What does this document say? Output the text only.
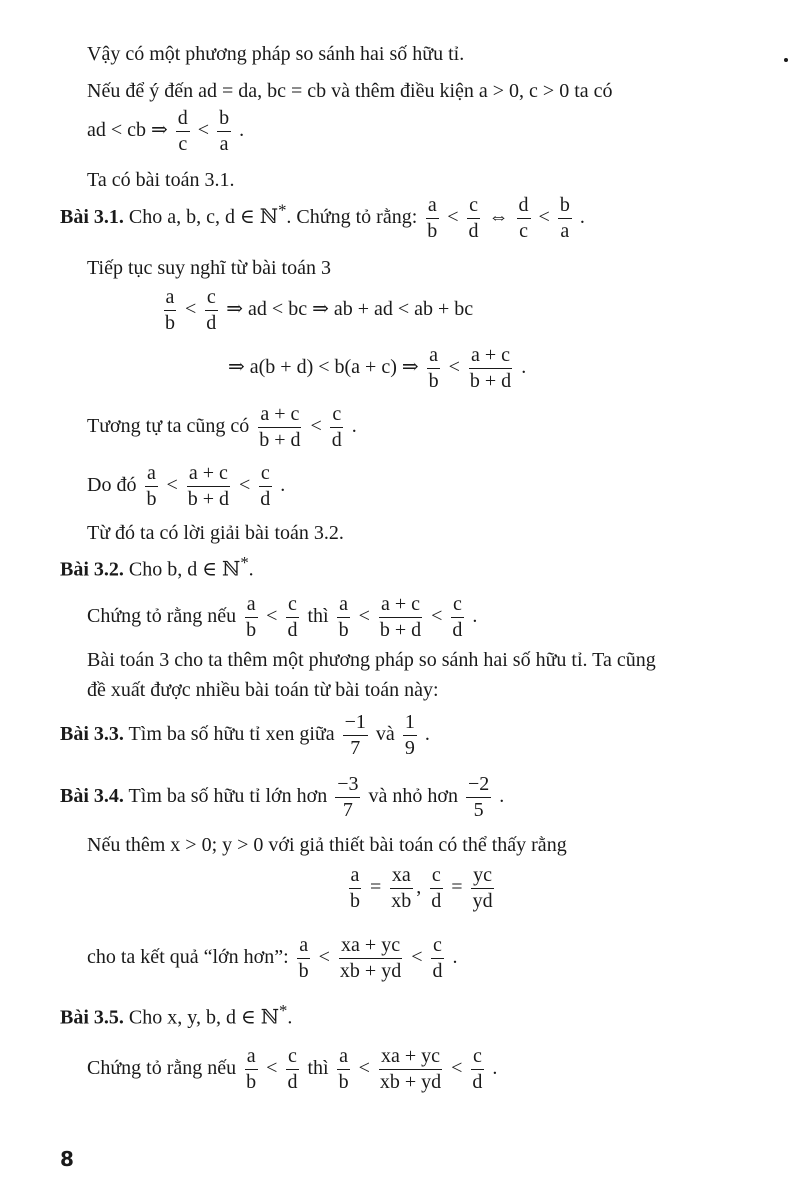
Vậy có một phương pháp so sánh hai số hữu tỉ.
Nếu để ý đến ad = da, bc = cb và thêm điều kiện a > 0, c > 0 ta có
ad < cb ⇒ $\frac{d}{c} < \frac{b}{a}$ .
Ta có bài toán 3.1.
Bài 3.1. Cho a, b, c, d ∈ ℕ*. Chứng tỏ rằng: $\frac{a}{b} < \frac{c}{d}$ ⇔ $\frac{d}{c} < \frac{b}{a}$ .
Tiếp tục suy nghĩ từ bài toán 3
$\frac{a}{b} < \frac{c}{d}$ ⇒ ad < bc ⇒ ab + ad < ab + bc
⇒ a(b + d) < b(a + c) ⇒ $\frac{a}{b} < \frac{a + c}{b + d}$ .
Tương tự ta cũng có $\frac{a + c}{b + d} < \frac{c}{d}$ .
Do đó $\frac{a}{b} < \frac{a + c}{b + d} < \frac{c}{d}$ .
Từ đó ta có lời giải bài toán 3.2.
Bài 3.2. Cho b, d ∈ ℕ*.
Chứng tỏ rằng nếu $\frac{a}{b} < \frac{c}{d}$ thì $\frac{a}{b} < \frac{a + c}{b + d} < \frac{c}{d}$ .
Bài toán 3 cho ta thêm một phương pháp so sánh hai số hữu tỉ. Ta cũng
đề xuất được nhiều bài toán từ bài toán này:
Bài 3.3. Tìm ba số hữu tỉ xen giữa $\frac{-1}{7}$ và $\frac{1}{9}$ .
Bài 3.4. Tìm ba số hữu tỉ lớn hơn $\frac{-3}{7}$ và nhỏ hơn $\frac{-2}{5}$ .
Nếu thêm x > 0; y > 0 với giả thiết bài toán có thể thấy rằng
$\frac{a}{b} = \frac{xa}{xb}$ , $\frac{c}{d} = \frac{yc}{yd}$
cho ta kết quả “lớn hơn”: $\frac{a}{b} < \frac{xa + yc}{xb + yd} < \frac{c}{d}$ .
Bài 3.5. Cho x, y, b, d ∈ ℕ*.
Chứng tỏ rằng nếu $\frac{a}{b} < \frac{c}{d}$ thì $\frac{a}{b} < \frac{xa + yc}{xb + yd} < \frac{c}{d}$ .
8
